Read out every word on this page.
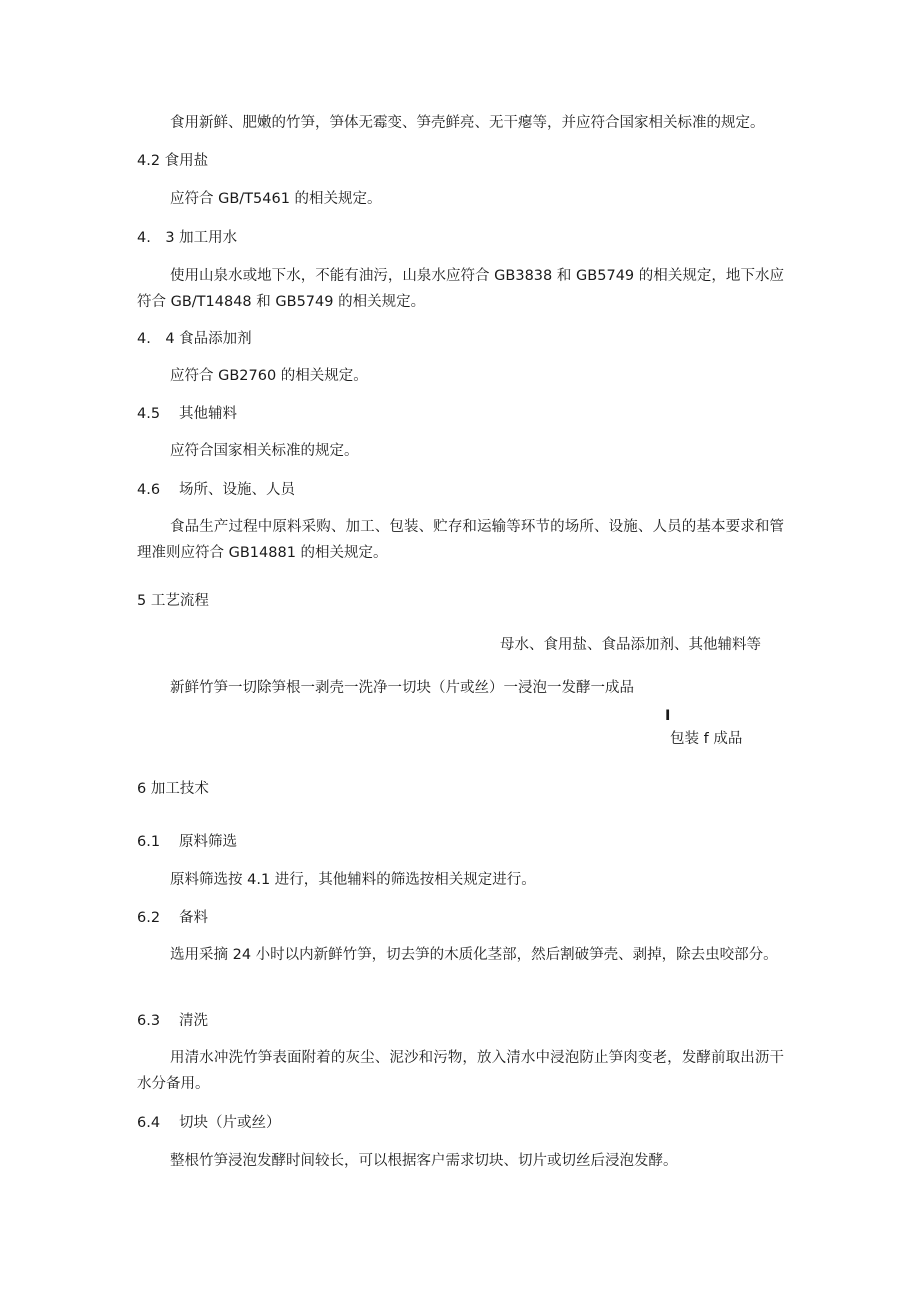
食用新鲜、肥嫩的竹笋，笋体无霉变、笋壳鲜亮、无干瘪等，并应符合国家相关标准的规定。

4.2 食用盐

应符合 GB/T5461 的相关规定。

4.　3 加工用水

使用山泉水或地下水，不能有油污，山泉水应符合 GB3838 和 GB5749 的相关规定，地下水应符合 GB/T14848 和 GB5749 的相关规定。

4.　4 食品添加剂

应符合 GB2760 的相关规定。

4.5 其他辅料

应符合国家相关标准的规定。

4.6 场所、设施、人员

食品生产过程中原料采购、加工、包装、贮存和运输等环节的场所、设施、人员的基本要求和管理准则应符合 GB14881 的相关规定。

5 工艺流程

母水、食用盐、食品添加剂、其他辅料等

新鲜竹笋一切除笋根一剥壳一洗净一切块（片或丝）一浸泡一发酵一成品

I

包装 f 成品

6 加工技术

6.1 原料筛选

原料筛选按 4.1 进行，其他辅料的筛选按相关规定进行。

6.2 备料

选用采摘 24 小时以内新鲜竹笋，切去笋的木质化茎部，然后割破笋壳、剥掉，除去虫咬部分。

6.3 清洗

用清水冲洗竹笋表面附着的灰尘、泥沙和污物，放入清水中浸泡防止笋肉变老，发酵前取出沥干水分备用。

6.4 切块（片或丝）

整根竹笋浸泡发酵时间较长，可以根据客户需求切块、切片或切丝后浸泡发酵。
